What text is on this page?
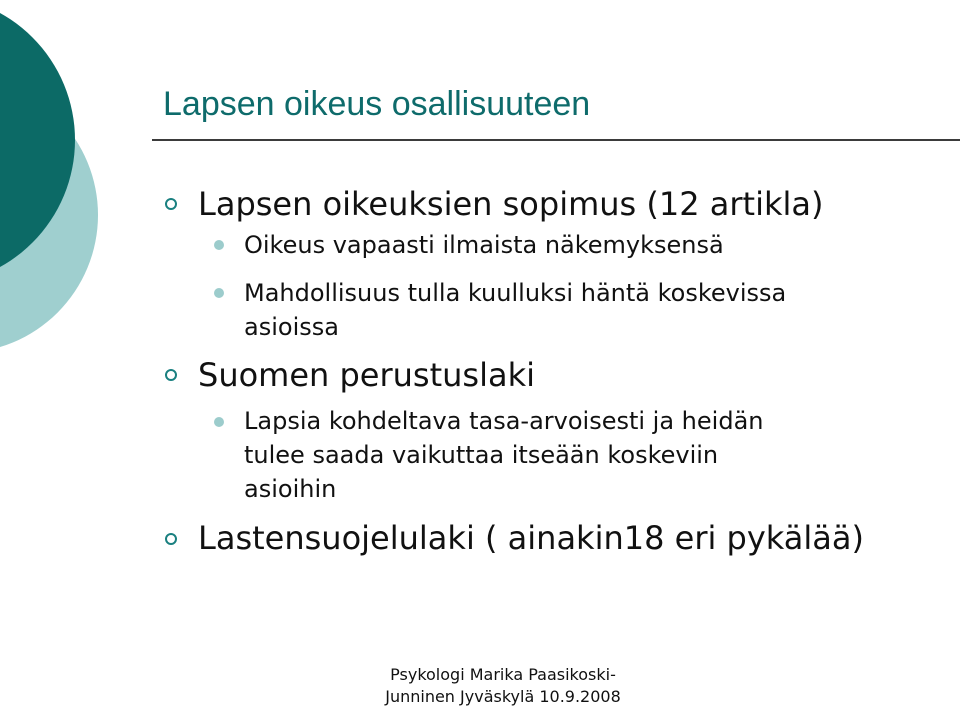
Lapsen oikeus osallisuuteen
Lapsen oikeuksien sopimus (12 artikla)
Oikeus vapaasti ilmaista näkemyksensä
Mahdollisuus tulla kuulluksi häntä koskevissa
asioissa
Suomen perustuslaki
Lapsia kohdeltava tasa-arvoisesti ja heidän
tulee saada vaikuttaa itseään koskeviin
asioihin
Lastensuojelulaki ( ainakin18 eri pykälää)
Psykologi Marika Paasikoski-
Junninen Jyväskylä 10.9.2008
